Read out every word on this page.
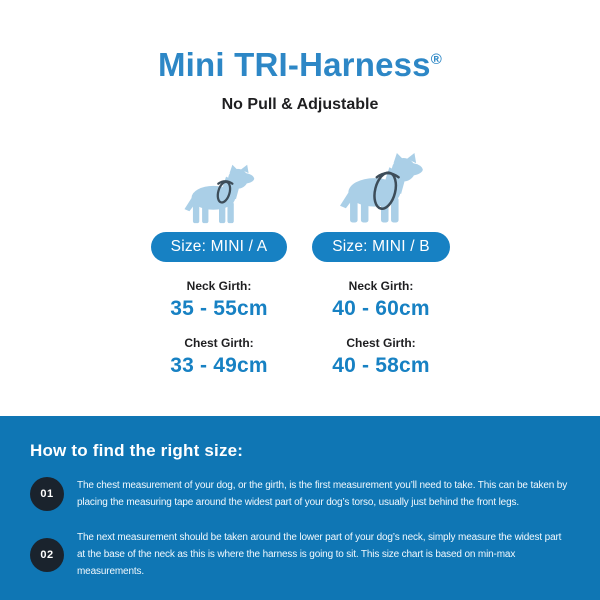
Mini TRI-Harness®
No Pull & Adjustable
Size: MINI / A
Neck Girth:
35 - 55cm
Chest Girth:
33 - 49cm
Size: MINI / B
Neck Girth:
40 - 60cm
Chest Girth:
40 - 58cm
How to find the right size:
01
The chest measurement of your dog, or the girth, is the first measurement you’ll need to take. This can be taken by placing the measuring tape around the widest part of your dog’s torso, usually just behind the front legs.
02
The next measurement should be taken around the lower part of your dog’s neck, simply measure the widest part at the base of the neck as this is where the harness is going to sit. This size chart is based on min-max measurements.
